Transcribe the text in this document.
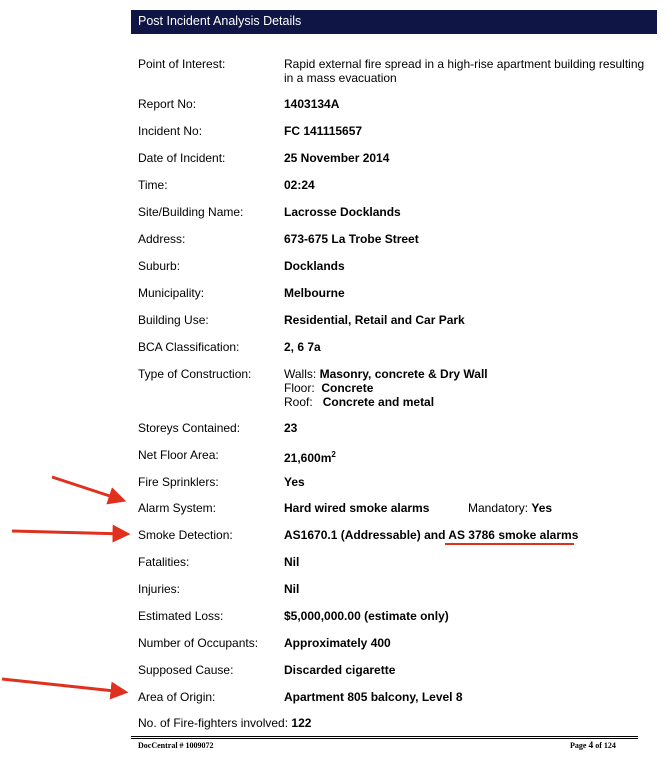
Post Incident Analysis Details
Point of Interest:	Rapid external fire spread in a high-rise apartment building resulting
in a mass evacuation
Report No:	1403134A
Incident No:	FC 141115657
Date of Incident:	25 November 2014
Time:	02:24
Site/Building Name:	Lacrosse Docklands
Address:	673-675 La Trobe Street
Suburb:	Docklands
Municipality:	Melbourne
Building Use:	Residential, Retail and Car Park
BCA Classification:	2, 6 7a
Type of Construction:	Walls: Masonry, concrete & Dry Wall
Floor: Concrete
Roof: Concrete and metal
Storeys Contained:	23
Net Floor Area:	$21,600m^2$
Fire Sprinklers:	Yes
Alarm System:	Hard wired smoke alarms	Mandatory: Yes
Smoke Detection:	AS1670.1 (Addressable) and AS 3786 smoke alarms
Fatalities:	Nil
Injuries:	Nil
Estimated Loss:	$5,000,000.00 (estimate only)
Number of Occupants: Approximately 400
Supposed Cause:	Discarded cigarette
Area of Origin:	Apartment 805 balcony, Level 8
No. of Fire-fighters involved: 122
DocCentral # 1009072	Page 4 of 124
